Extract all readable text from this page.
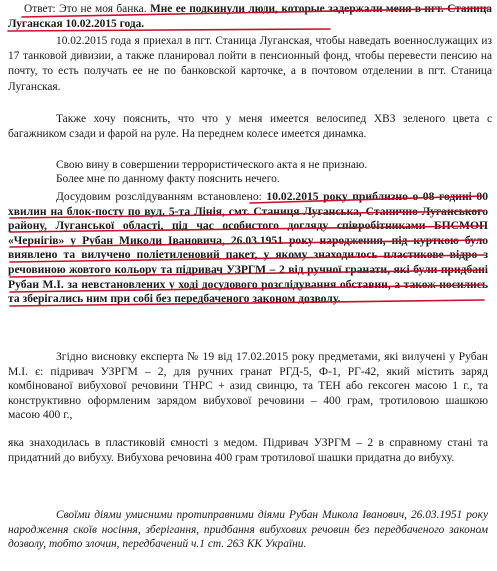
Ответ: Это не моя банка. Мне ее подкинули люди, которые задержали меня в пгт. Станица Луганская 10.02.2015 года.

10.02.2015 года я приехал в пгт. Станица Луганская, чтобы наведать военнослужащих из 17 танковой дивизии, а также планировал пойти в пенсионный фонд, чтобы перевести пенсию на почту, то есть получать ее не по банковской карточке, а в почтовом отделении в пгт. Станица Луганская.

Также хочу пояснить, что что у меня имеется велосипед ХВЗ зеленого цвета с багажником сзади и фарой на руле. На переднем колесе имеется динамка.

Свою вину в совершении террористического акта я не признаю.

Более мне по данному факту пояснить нечего.

Досудовим розслідуванням встановлено: 10.02.2015 року приблизно о 08 годині 00 хвилин на блок-посту по вул. 5-та Лінія, смт. Станиця Луганська, Станично-Луганського району, Луганської області, під час особистого догляду співробітниками БПСМОП «Чернігів» у Рубан Миколи Івановича, 26.03.1951 року народження, під курткою було виявлено та вилучено поліетиленовий пакет, у якому знаходилось пластикове відро з речовиною жовтого кольору та підривач УЗРГМ – 2 від ручної гранати, які були придбані Рубан М.І. за невстановлених у ході досудового розслідування обставин, а також носились та зберігались ним при собі без передбаченого законом дозволу.

Згідно висновку експерта № 19 від 17.02.2015 року предметами, які вилучені у Рубан М.І. є: підривач УЗРГМ – 2, для ручних гранат РГД-5, Ф-1, РГ-42, який містить заряд комбінованої вибухової речовини ТНРС + азид свинцю, та ТЕН або гексоген масою 1 г., та конструктивно оформленим зарядом вибухової речовини – 400 грам, тротиловою шашкою масою 400 г.,

яка знаходилась в пластиковій ємності з медом. Підривач УЗРГМ – 2 в справному стані та придатний до вибуху. Вибухова речовина 400 грам тротилової шашки придатна до вибуху.

Своїми діями умисними протиправними діями Рубан Микола Іванович, 26.03.1951 року народження скоїв носіння, зберігання, придбання вибухових речовин без передбаченого законом дозволу, тобто злочин, передбачений ч.1 ст. 263 КК України.
